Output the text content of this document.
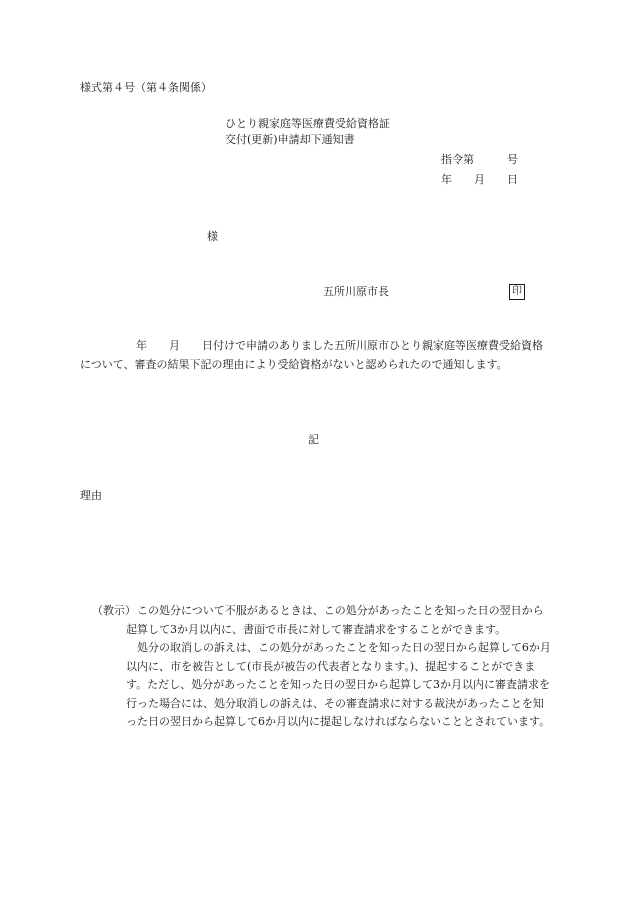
様式第４号（第４条関係）
ひとり親家庭等医療費受給資格証
交付(更新)申請却下通知書
指令第　　　号
年　　月　　日
様
五所川原市長	印
年　　月　　日付けで申請のありました五所川原市ひとり親家庭等医療費受給資格について、審査の結果下記の理由により受給資格がないと認められたので通知します。
記
理由
（教示） この処分について不服があるときは、この処分があったことを知った日の翌日から起算して3か月以内に、書面で市長に対して審査請求をすることができます。

処分の取消しの訴えは、この処分があったことを知った日の翌日から起算して6か月以内に、市を被告として(市長が被告の代表者となります。)、提起することができます。ただし、処分があったことを知った日の翌日から起算して3か月以内に審査請求を行った場合には、処分取消しの訴えは、その審査請求に対する裁決があったことを知った日の翌日から起算して6か月以内に提起しなければならないこととされています。
